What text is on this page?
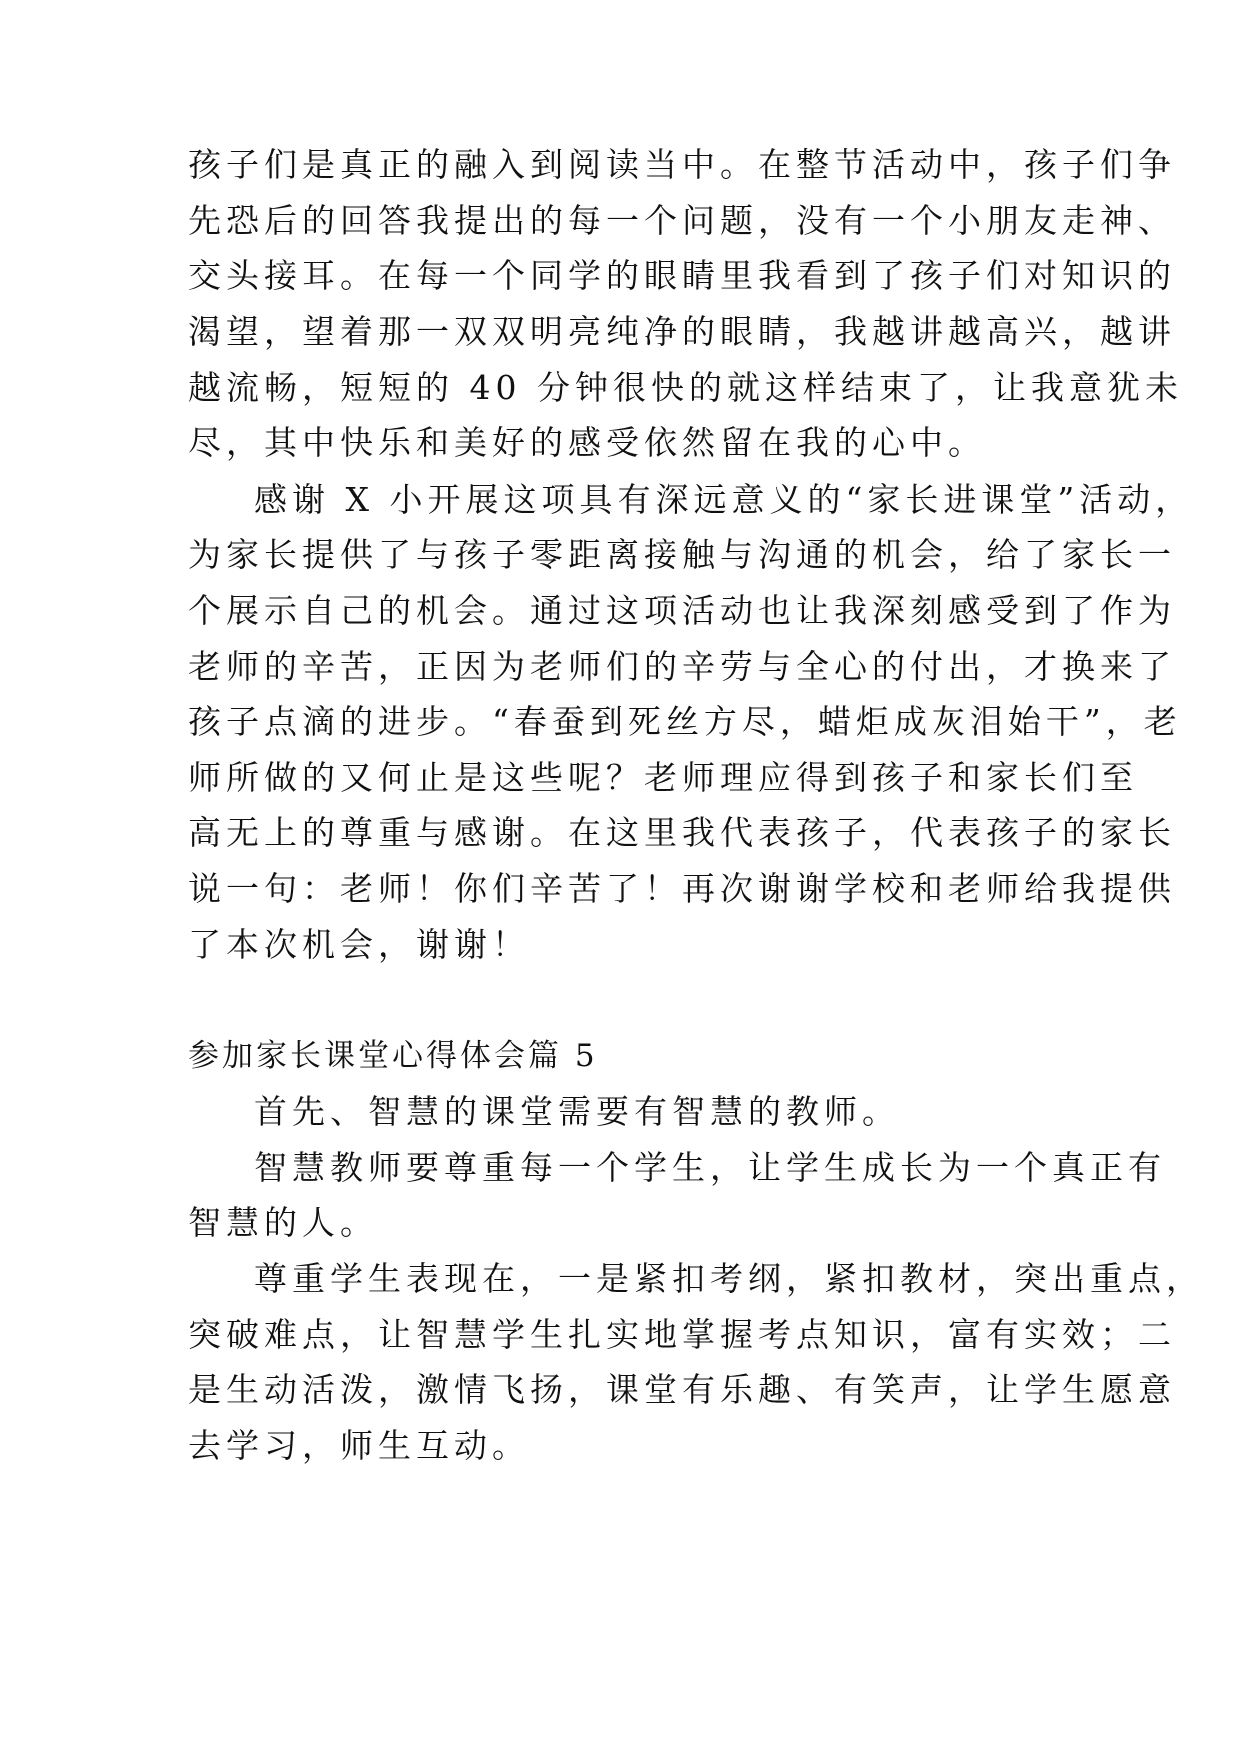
孩子们是真正的融入到阅读当中。在整节活动中，孩子们争

先恐后的回答我提出的每一个问题，没有一个小朋友走神、

交头接耳。在每一个同学的眼睛里我看到了孩子们对知识的

渴望，望着那一双双明亮纯净的眼睛，我越讲越高兴，越讲

越流畅，短短的 40 分钟很快的就这样结束了，让我意犹未

尽，其中快乐和美好的感受依然留在我的心中。

感谢 X 小开展这项具有深远意义的“家长进课堂”活动，

为家长提供了与孩子零距离接触与沟通的机会，给了家长一

个展示自己的机会。通过这项活动也让我深刻感受到了作为

老师的辛苦，正因为老师们的辛劳与全心的付出，才换来了

孩子点滴的进步。“春蚕到死丝方尽，蜡炬成灰泪始干”，老

师所做的又何止是这些呢？老师理应得到孩子和家长们至

高无上的尊重与感谢。在这里我代表孩子，代表孩子的家长

说一句：老师！你们辛苦了！再次谢谢学校和老师给我提供

了本次机会，谢谢！

参加家长课堂心得体会篇 5

首先、智慧的课堂需要有智慧的教师。

智慧教师要尊重每一个学生，让学生成长为一个真正有

智慧的人。

尊重学生表现在，一是紧扣考纲，紧扣教材，突出重点，

突破难点，让智慧学生扎实地掌握考点知识，富有实效；二

是生动活泼，激情飞扬，课堂有乐趣、有笑声，让学生愿意

去学习，师生互动。
